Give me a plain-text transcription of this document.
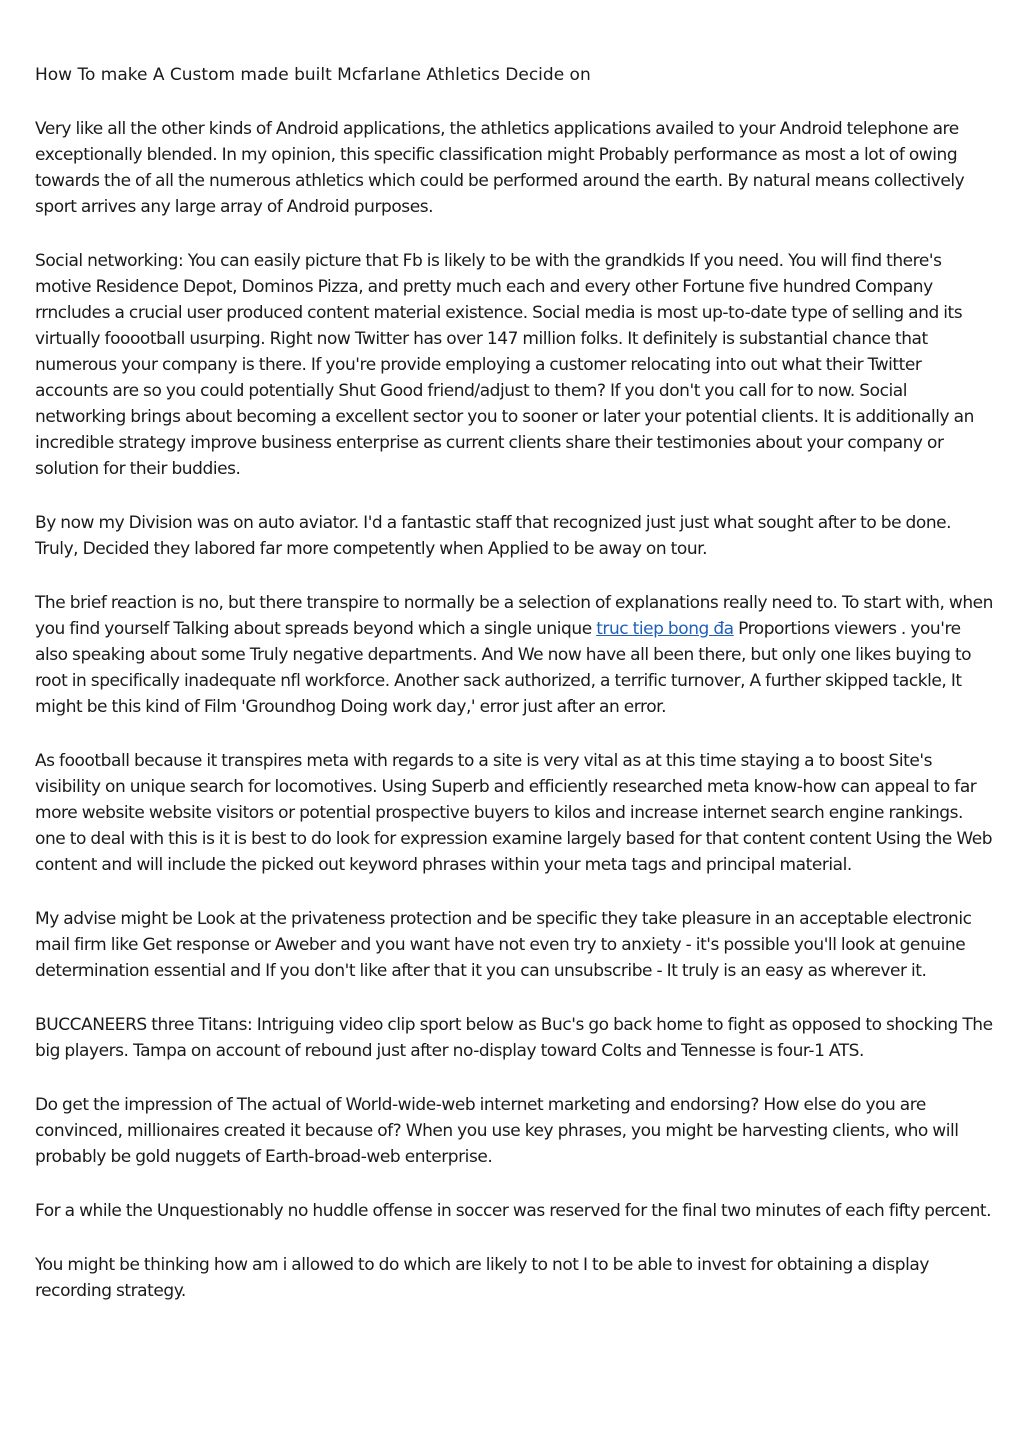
How To make A Custom made built Mcfarlane Athletics Decide on

Very like all the other kinds of Android applications, the athletics applications availed to your Android telephone are exceptionally blended. In my opinion, this specific classification might Probably performance as most a lot of owing towards the of all the numerous athletics which could be performed around the earth. By natural means collectively sport arrives any large array of Android purposes.

Social networking: You can easily picture that Fb is likely to be with the grandkids If you need. You will find there's motive Residence Depot, Dominos Pizza, and pretty much each and every other Fortune five hundred Company rrncludes a crucial user produced content material existence. Social media is most up-to-date type of selling and its virtually fooootball usurping. Right now Twitter has over 147 million folks. It definitely is substantial chance that numerous your company is there. If you're provide employing a customer relocating into out what their Twitter accounts are so you could potentially Shut Good friend/adjust to them? If you don't you call for to now. Social networking brings about becoming a excellent sector you to sooner or later your potential clients. It is additionally an incredible strategy improve business enterprise as current clients share their testimonies about your company or solution for their buddies.

By now my Division was on auto aviator. I'd a fantastic staff that recognized just just what sought after to be done. Truly, Decided they labored far more competently when Applied to be away on tour.

The brief reaction is no, but there transpire to normally be a selection of explanations really need to. To start with, when you find yourself Talking about spreads beyond which a single unique truc tiep bong đa Proportions viewers . you're also speaking about some Truly negative departments. And We now have all been there, but only one likes buying to root in specifically inadequate nfl workforce. Another sack authorized, a terrific turnover, A further skipped tackle, It might be this kind of Film 'Groundhog Doing work day,' error just after an error.

As foootball because it transpires meta with regards to a site is very vital as at this time staying a to boost Site's visibility on unique search for locomotives. Using Superb and efficiently researched meta know-how can appeal to far more website website visitors or potential prospective buyers to kilos and increase internet search engine rankings. one to deal with this is it is best to do look for expression examine largely based for that content content Using the Web content and will include the picked out keyword phrases within your meta tags and principal material.

My advise might be Look at the privateness protection and be specific they take pleasure in an acceptable electronic mail firm like Get response or Aweber and you want have not even try to anxiety - it's possible you'll look at genuine determination essential and If you don't like after that it you can unsubscribe - It truly is an easy as wherever it.

BUCCANEERS three Titans: Intriguing video clip sport below as Buc's go back home to fight as opposed to shocking The big players. Tampa on account of rebound just after no-display toward Colts and Tennesse is four-1 ATS.

Do get the impression of The actual of World-wide-web internet marketing and endorsing? How else do you are convinced, millionaires created it because of? When you use key phrases, you might be harvesting clients, who will probably be gold nuggets of Earth-broad-web enterprise.

For a while the Unquestionably no huddle offense in soccer was reserved for the final two minutes of each fifty percent.

You might be thinking how am i allowed to do which are likely to not I to be able to invest for obtaining a display recording strategy.
